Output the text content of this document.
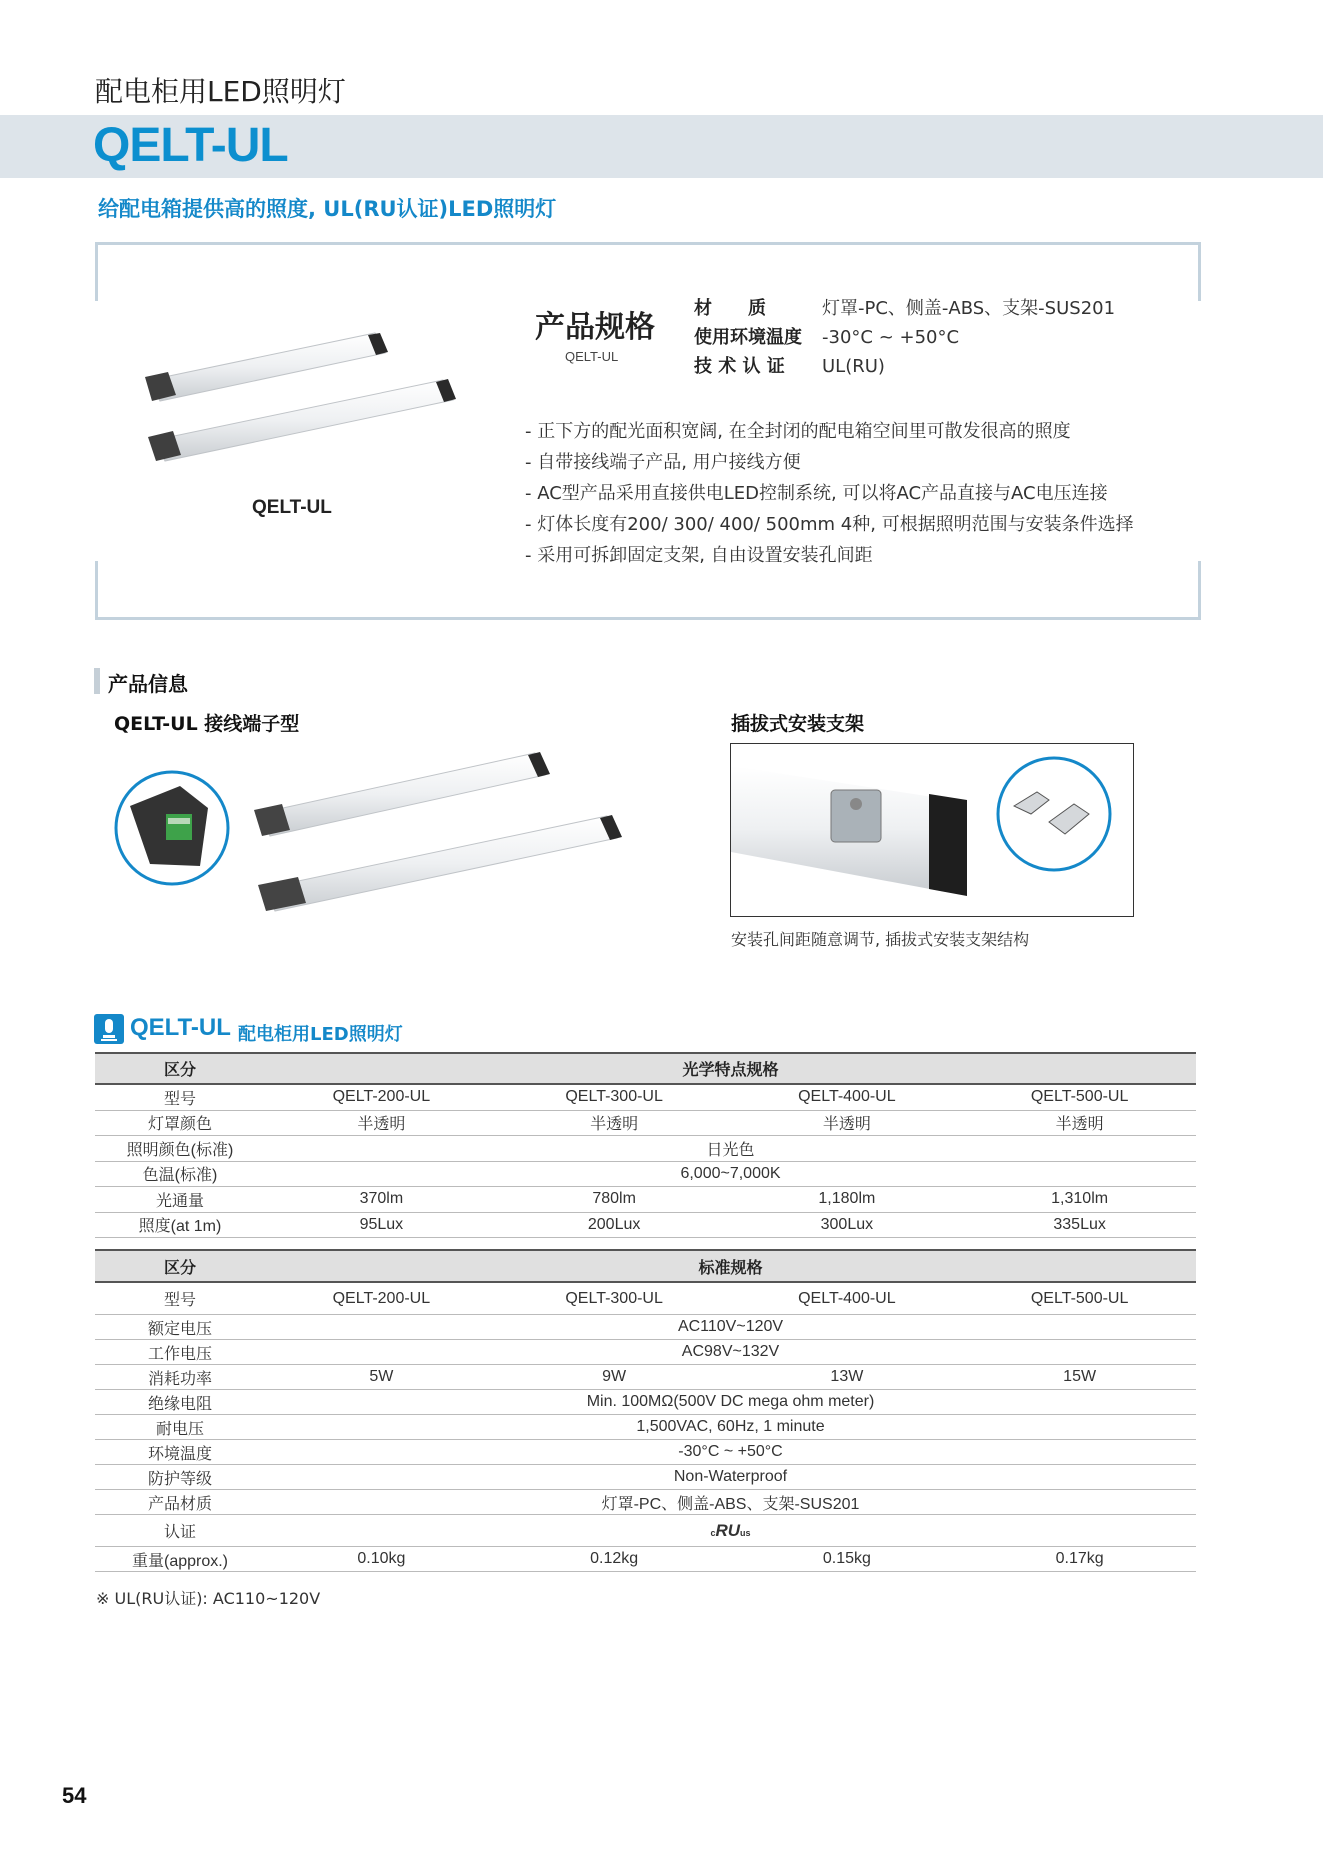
配电柜用LED照明灯
QELT-UL
给配电箱提供高的照度, UL(RU认证)LED照明灯
QELT-UL
产品规格
QELT-UL
材　　质	灯罩-PC、侧盖-ABS、支架-SUS201
使用环境温度 -30°C ~ +50°C
技 术 认 证 UL(RU)
- 正下方的配光面积宽阔, 在全封闭的配电箱空间里可散发很高的照度
- 自带接线端子产品, 用户接线方便
- AC型产品采用直接供电LED控制系统, 可以将AC产品直接与AC电压连接
- 灯体长度有200/ 300/ 400/ 500mm 4种, 可根据照明范围与安装条件选择
- 采用可拆卸固定支架, 自由设置安装孔间距
产品信息
QELT-UL 接线端子型	插拔式安装支架
安装孔间距随意调节, 插拔式安装支架结构
QELT-UL 配电柜用LED照明灯
区分	光学特点规格			
型号	QELT-200-UL	QELT-300-UL	QELT-400-UL	QELT-500-UL
灯罩颜色	半透明	半透明	半透明	半透明
照明颜色(标准)	日光色			
色温(标准)	6,000~7,000K			
光通量	370lm	780lm	1,180lm	1,310lm
照度(at 1m)	95Lux	200Lux	300Lux	335Lux
区分	标准规格			
型号	QELT-200-UL	QELT-300-UL	QELT-400-UL	QELT-500-UL
额定电压	AC110V~120V			
工作电压	AC98V~132V			
消耗功率	5W	9W	13W	15W
绝缘电阻	Min. 100MΩ(500V DC mega ohm meter)			
耐电压	1,500VAC, 60Hz, 1 minute			
环境温度	-30°C ~ +50°C			
防护等级	Non-Waterproof			
产品材质	灯罩-PC、侧盖-ABS、支架-SUS201			
认证	cRUus			
重量(approx.)	0.10kg	0.12kg	0.15kg	0.17kg
※ UL(RU认证): AC110~120V
54
